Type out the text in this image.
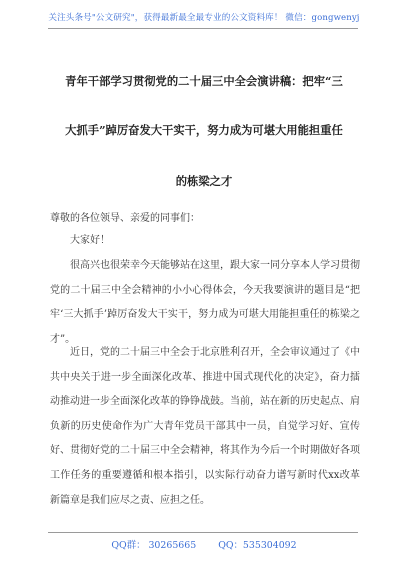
关注头条号"公文研究"，获得最新最全最专业的公文资料库！ 微信：gongwenyj
青年干部学习贯彻党的二十届三中全会演讲稿：把牢“三
大抓手”踔厉奋发大干实干，努力成为可堪大用能担重任
的栋梁之才
尊敬的各位领导、亲爱的同事们：
大家好！
很高兴也很荣幸今天能够站在这里，跟大家一同分享本人学习贯彻党的二十届三中全会精神的小小心得体会，今天我要演讲的题目是“把牢‘三大抓手’踔厉奋发大干实干，努力成为可堪大用能担重任的栋梁之才”。
近日，党的二十届三中全会于北京胜利召开，全会审议通过了《中共中央关于进一步全面深化改革、推进中国式现代化的决定》，奋力擂动推动进一步全面深化改革的铮铮战鼓。当前，站在新的历史起点、肩负新的历史使命作为广大青年党员干部其中一员，自觉学习好、宣传好、贯彻好党的二十届三中全会精神，将其作为今后一个时期做好各项工作任务的重要遵循和根本指引，以实际行动奋力谱写新时代xx改革新篇章是我们应尽之责、应担之任。
QQ群： 30265665 QQ：535304092
